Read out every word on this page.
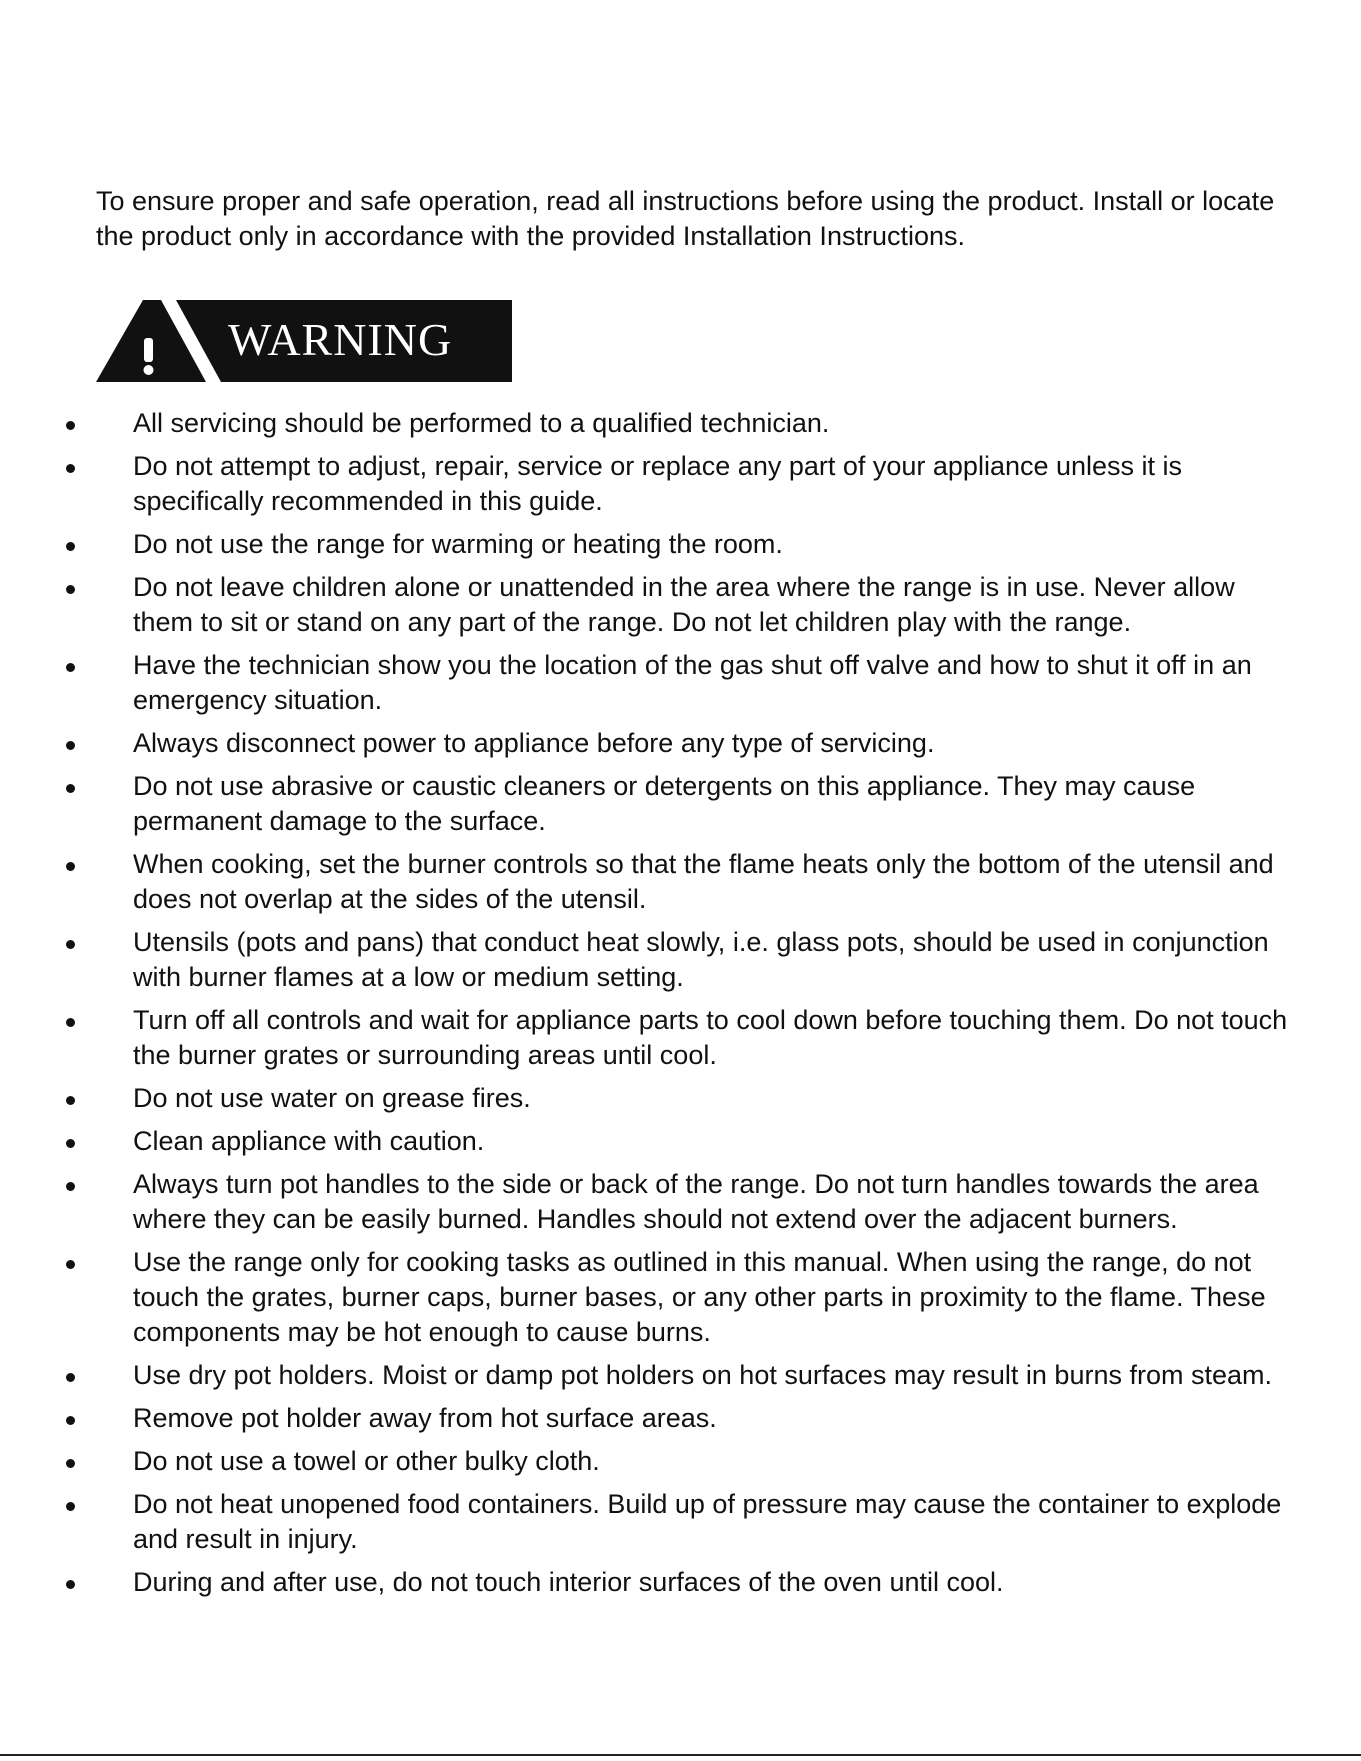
To ensure proper and safe operation, read all instructions before using the product. Install or locate the product only in accordance with the provided Installation Instructions.

WARNING
All servicing should be performed to a qualified technician.
Do not attempt to adjust, repair, service or replace any part of your appliance unless it is specifically recommended in this guide.
Do not use the range for warming or heating the room.
Do not leave children alone or unattended in the area where the range is in use. Never allow them to sit or stand on any part of the range. Do not let children play with the range.
Have the technician show you the location of the gas shut off valve and how to shut it off in an emergency situation.
Always disconnect power to appliance before any type of servicing.
Do not use abrasive or caustic cleaners or detergents on this appliance. They may cause permanent damage to the surface.
When cooking, set the burner controls so that the flame heats only the bottom of the utensil and does not overlap at the sides of the utensil.
Utensils (pots and pans) that conduct heat slowly, i.e. glass pots, should be used in conjunction with burner flames at a low or medium setting.
Turn off all controls and wait for appliance parts to cool down before touching them. Do not touch the burner grates or surrounding areas until cool.
Do not use water on grease fires.
Clean appliance with caution.
Always turn pot handles to the side or back of the range. Do not turn handles towards the area where they can be easily burned. Handles should not extend over the adjacent burners.
Use the range only for cooking tasks as outlined in this manual. When using the range, do not touch the grates, burner caps, burner bases, or any other parts in proximity to the flame. These components may be hot enough to cause burns.
Use dry pot holders. Moist or damp pot holders on hot surfaces may result in burns from steam.
Remove pot holder away from hot surface areas.
Do not use a towel or other bulky cloth.
Do not heat unopened food containers. Build up of pressure may cause the container to explode and result in injury.
During and after use, do not touch interior surfaces of the oven until cool.
